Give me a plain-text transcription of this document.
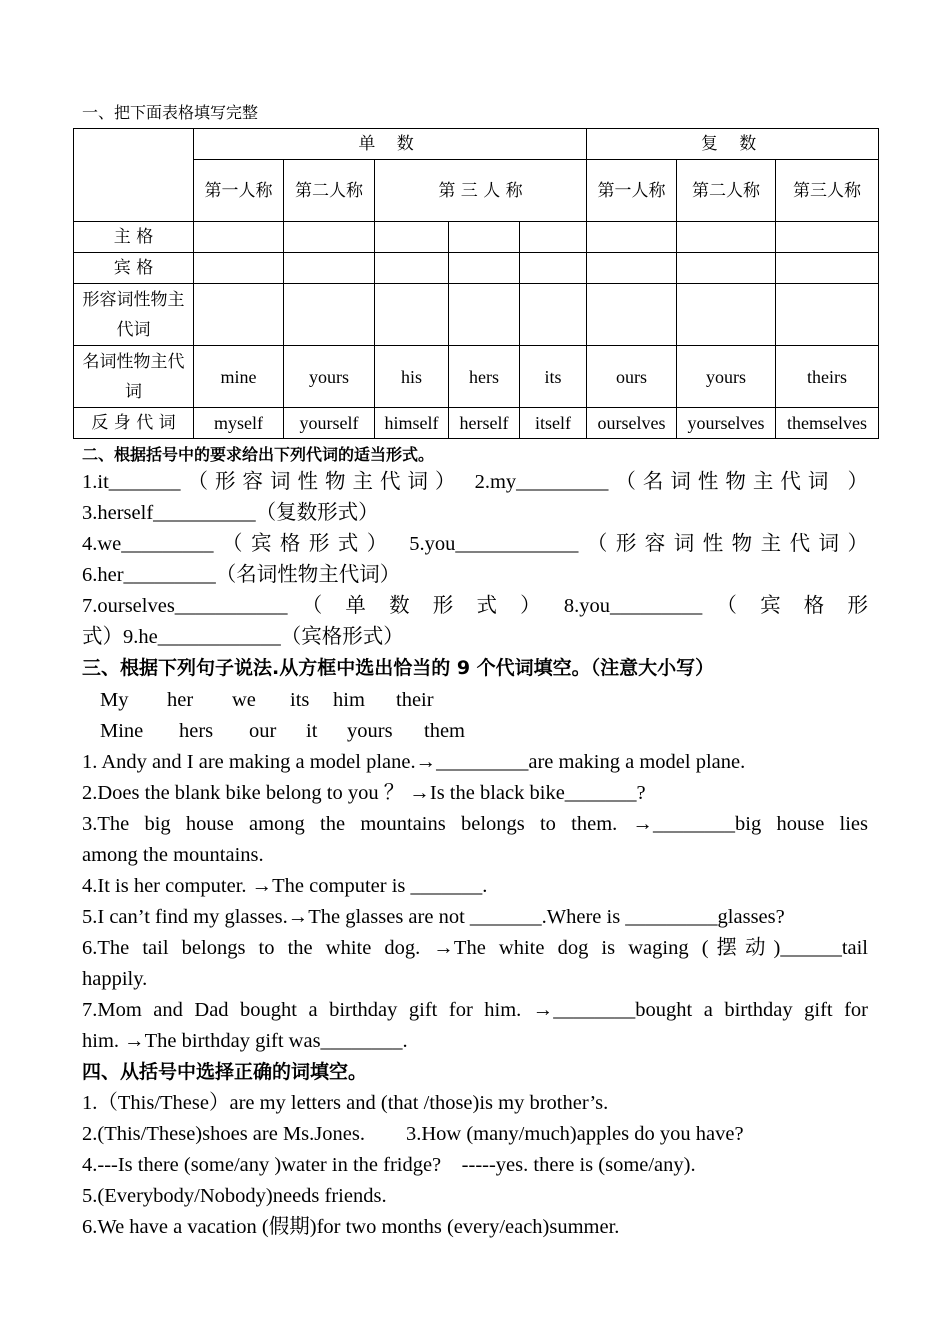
一、把下面表格填写完整
	单 数					复 数		
	第一人称	第二人称	第 三 人 称			第一人称	第二人称	第三人称
主 格								
宾 格								
形容词性物主代词								
名词性物主代词	mine	yours	his	hers	its	ours	yours	theirs
反 身 代 词	myself	yourself	himself	herself	itself	ourselves	yourselves	themselves
二、根据括号中的要求给出下列代词的适当形式。
1.it_______（形容词性物主代词） 2.my_________（名词性物主代词 ）
3.herself__________（复数形式）
4.we_________（宾格形式） 5.you____________（形容词性物主代词）
6.her_________（名词性物主代词）
7.ourselves___________ （ 单 数 形 式 ） 8.you_________ （ 宾 格 形
式）9.he____________（宾格形式）
三、根据下列句子说法.从方框中选出恰当的 9 个代词填空。（注意大小写）
My her we its him their
Mine hers our it yours them
1. Andy and I are making a model plane.→_________are making a model plane.
2.Does the blank bike belong to you ？ →Is the black bike_______?
3.The big house among the mountains belongs to them. →________big house lies
among the mountains.
4.It is her computer. →The computer is _______.
5.I can’t find my glasses.→The glasses are not _______.Where is _________glasses?
6.The tail belongs to the white dog. →The white dog is waging (摆动)______tail
happily.
7.Mom and Dad bought a birthday gift for him. →________bought a birthday gift for
him. →The birthday gift was________.
四、从括号中选择正确的词填空。
1.（This/These）are my letters and (that /those)is my brother’s.
2.(This/These)shoes are Ms.Jones.　　3.How (many/much)apples do you have?
4.---Is there (some/any )water in the fridge?　-----yes. there is (some/any).
5.(Everybody/Nobody)needs friends.
6.We have a vacation (假期)for two months (every/each)summer.
